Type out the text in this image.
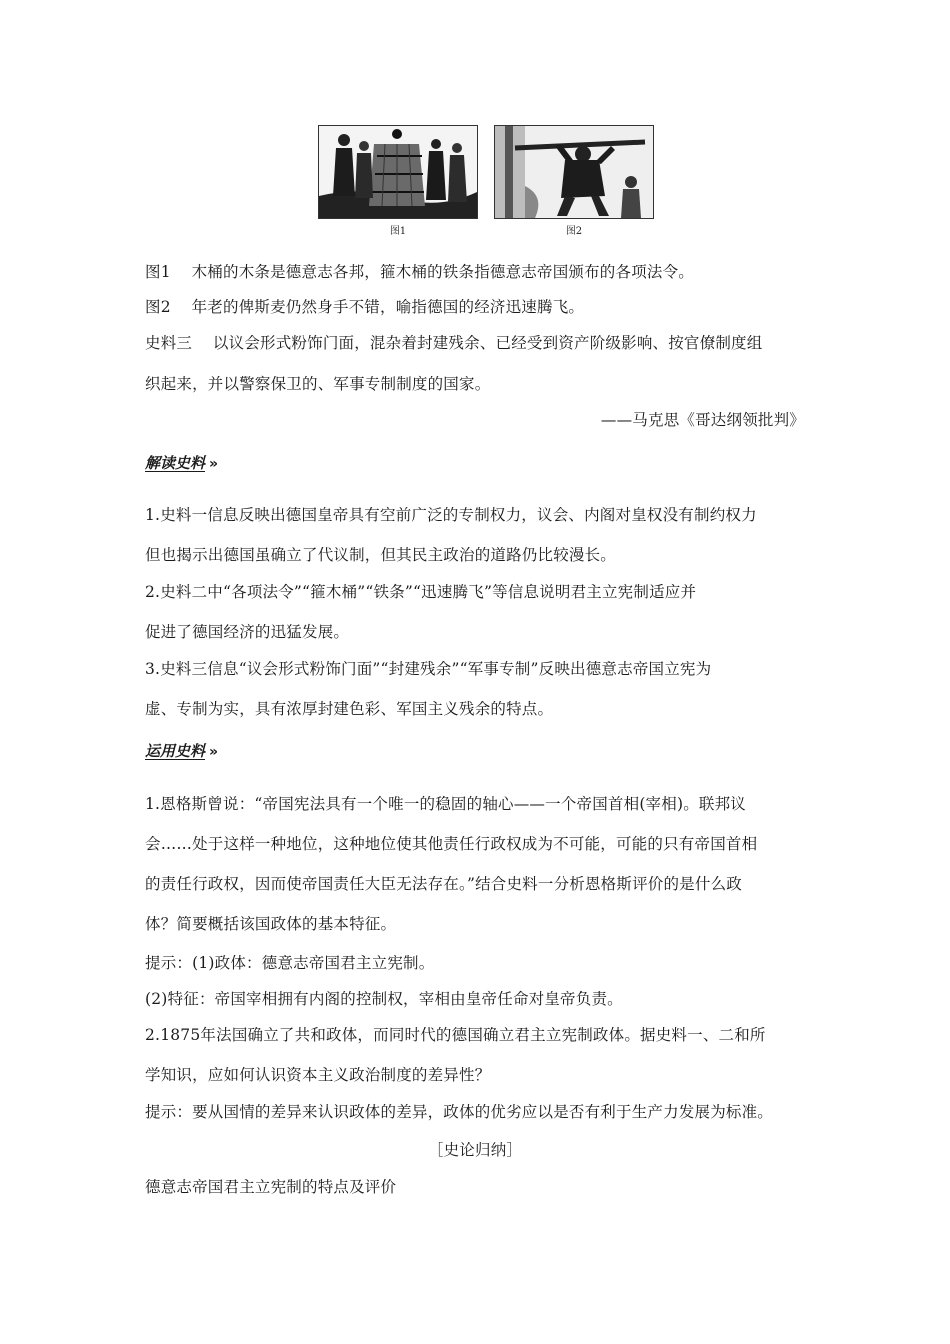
图1	图2
图1　 木桶的木条是德意志各邦，箍木桶的铁条指德意志帝国颁布的各项法令。
图2　 年老的俾斯麦仍然身手不错，喻指德国的经济迅速腾飞。
史料三　 以议会形式粉饰门面，混杂着封建残余、已经受到资产阶级影响、按官僚制度组
织起来，并以警察保卫的、军事专制制度的国家。
——马克思《哥达纲领批判》
解读史料 »
1.史料一信息反映出德国皇帝具有空前广泛的专制权力，议会、内阁对皇权没有制约权力
但也揭示出德国虽确立了代议制，但其民主政治的道路仍比较漫长。
2.史料二中“各项法令”“箍木桶”“铁条”“迅速腾飞”等信息说明君主立宪制适应并
促进了德国经济的迅猛发展。
3.史料三信息“议会形式粉饰门面”“封建残余”“军事专制”反映出德意志帝国立宪为
虚、专制为实，具有浓厚封建色彩、军国主义残余的特点。
运用史料 »
1.恩格斯曾说：“帝国宪法具有一个唯一的稳固的轴心——一个帝国首相(宰相)。联邦议
会……处于这样一种地位，这种地位使其他责任行政权成为不可能，可能的只有帝国首相
的责任行政权，因而使帝国责任大臣无法存在。”结合史料一分析恩格斯评价的是什么政
体？简要概括该国政体的基本特征。
提示：(1)政体：德意志帝国君主立宪制。
(2)特征：帝国宰相拥有内阁的控制权，宰相由皇帝任命对皇帝负责。
2.1875年法国确立了共和政体，而同时代的德国确立君主立宪制政体。据史料一、二和所
学知识，应如何认识资本主义政治制度的差异性？
提示：要从国情的差异来认识政体的差异，政体的优劣应以是否有利于生产力发展为标准。
［史论归纳］
德意志帝国君主立宪制的特点及评价
